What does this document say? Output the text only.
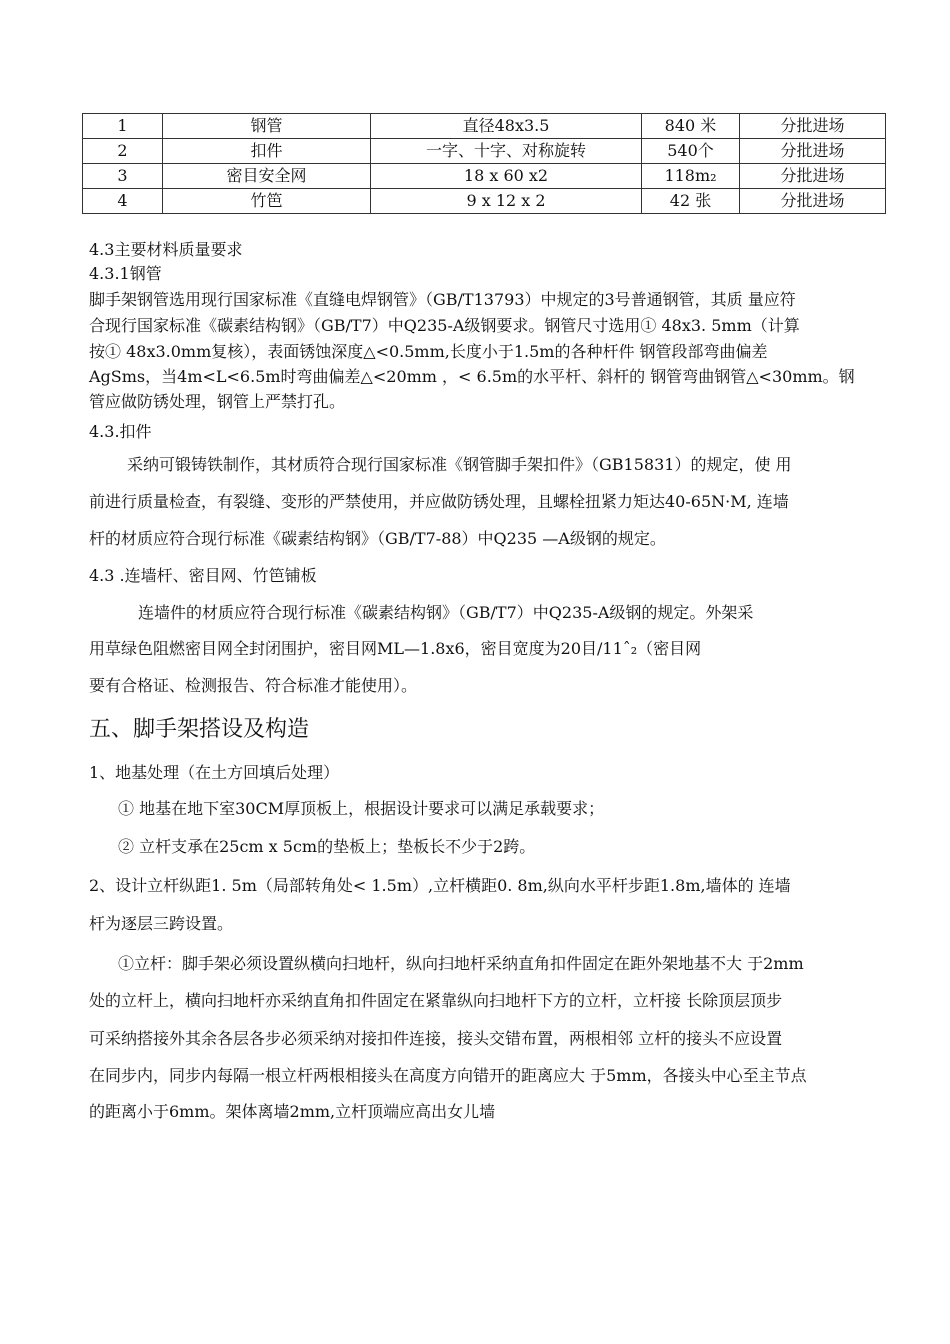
1	钢管	直径48x3.5	840 米	分批进场
2	扣件	一字、十字、对称旋转	540个	分批进场
3	密目安全网	18 x 60 x2	118m₂	分批进场
4	竹笆	9 x 12 x 2	42 张	分批进场
4.3主要材料质量要求
4.3.1钢管
脚手架钢管选用现行国家标准《直缝电焊钢管》（GB/T13793）中规定的3号普通钢管，其质 量应符
合现行国家标准《碳素结构钢》（GB/T7）中Q235-A级钢要求。钢管尺寸选用① 48x3. 5mm（计算
按① 48x3.0mm复核），表面锈蚀深度△<0.5mm,长度小于1.5m的各种杆件 钢管段部弯曲偏差
AgSms，当4m<L<6.5m时弯曲偏差△<20mm ，< 6.5m的水平杆、斜杆的 钢管弯曲钢管△<30mm。钢
管应做防锈处理，钢管上严禁打孔。
4.3.扣件
采纳可锻铸铁制作，其材质符合现行国家标准《钢管脚手架扣件》（GB15831）的规定，使 用
前进行质量检查，有裂缝、变形的严禁使用，并应做防锈处理，且螺栓扭紧力矩达40-65N·M, 连墙
杆的材质应符合现行标准《碳素结构钢》（GB/T7-88）中Q235 —A级钢的规定。
4.3 .连墙杆、密目网、竹笆铺板
连墙件的材质应符合现行标准《碳素结构钢》（GB/T7）中Q235-A级钢的规定。外架采
用草绿色阻燃密目网全封闭围护，密目网ML—1.8x6，密目宽度为20目/11ˆ₂（密目网
要有合格证、检测报告、符合标准才能使用）。
五、脚手架搭设及构造
1、地基处理（在土方回填后处理）
① 地基在地下室30CM厚顶板上，根据设计要求可以满足承载要求；
② 立杆支承在25cm x 5cm的垫板上；垫板长不少于2跨。
2、设计立杆纵距1. 5m（局部转角处< 1.5m）,立杆横距0. 8m,纵向水平杆步距1.8m,墙体的 连墙
杆为逐层三跨设置。
①立杆：脚手架必须设置纵横向扫地杆，纵向扫地杆采纳直角扣件固定在距外架地基不大 于2mm
处的立杆上，横向扫地杆亦采纳直角扣件固定在紧靠纵向扫地杆下方的立杆，立杆接 长除顶层顶步
可采纳搭接外其余各层各步必须采纳对接扣件连接，接头交错布置，两根相邻 立杆的接头不应设置
在同步内，同步内每隔一根立杆两根相接头在高度方向错开的距离应大 于5mm，各接头中心至主节点
的距离小于6mm。架体离墙2mm,立杆顶端应高出女儿墙
